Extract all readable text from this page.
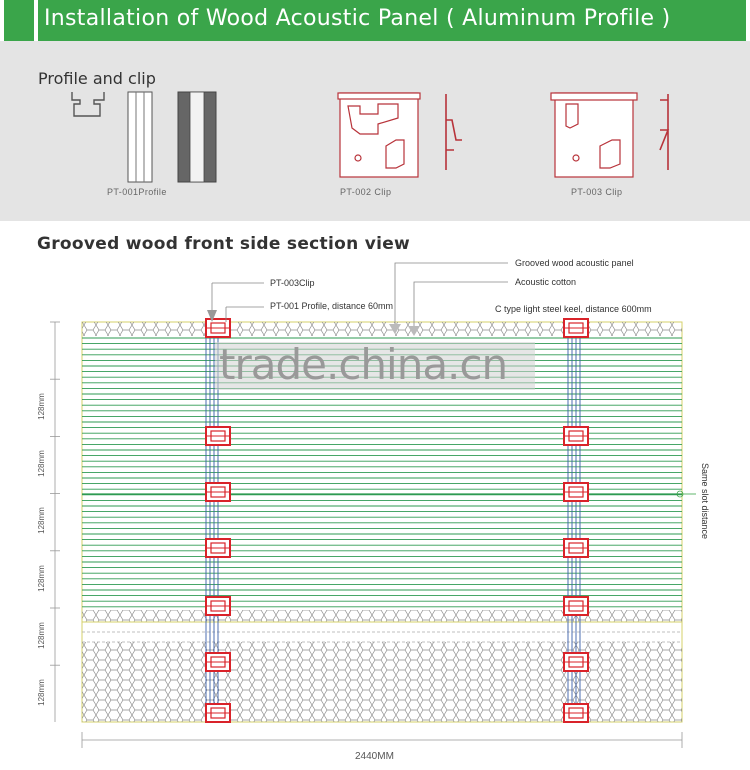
Installation of Wood Acoustic Panel ( Aluminum Profile )
Profile and clip
PT-001Profile	PT-002 Clip	PT-003 Clip
Grooved wood front side section view
PT-003Clip
PT-001 Profile, distance 60mm
Grooved wood acoustic panel
Acoustic cotton
C type light steel keel, distance 600mm
128mm
128mm
128mm
128mm
128mm
128mm
Same slot distance
2440MM
trade.china.cn
